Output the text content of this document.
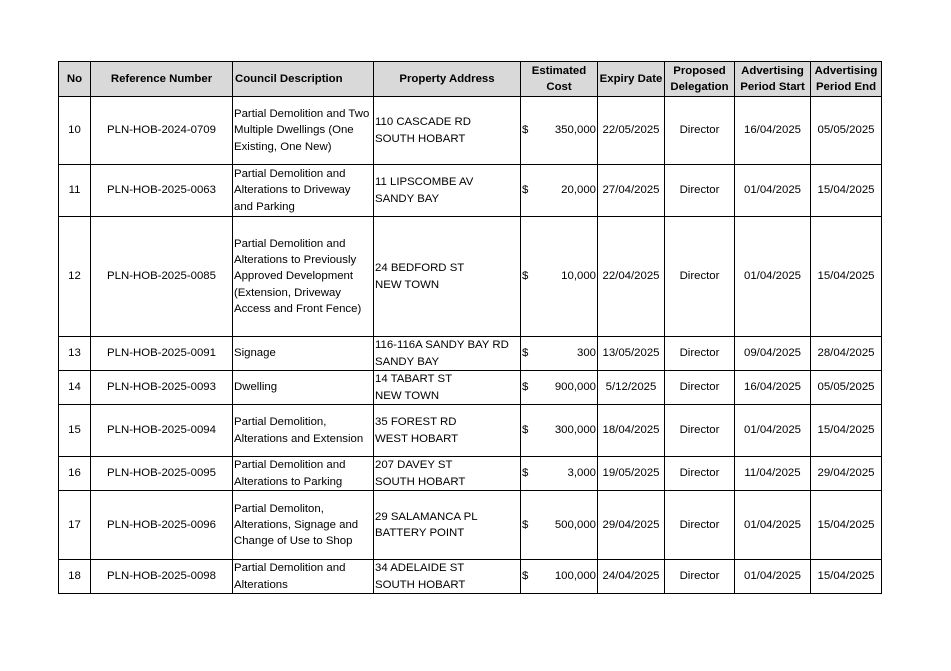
No	Reference Number	Council Description	Property Address	Estimated Cost	Expiry Date	Proposed Delegation	Advertising Period Start	Advertising Period End
10	PLN-HOB-2024-0709	Partial Demolition and Two Multiple Dwellings (One Existing, One New)	110 CASCADE RD
SOUTH HOBART	$ 350,000	22/05/2025	Director	16/04/2025	05/05/2025
11	PLN-HOB-2025-0063	Partial Demolition and Alterations to Driveway and Parking	11 LIPSCOMBE AV
SANDY BAY	$ 20,000	27/04/2025	Director	01/04/2025	15/04/2025
12	PLN-HOB-2025-0085	Partial Demolition and Alterations to Previously Approved Development (Extension, Driveway Access and Front Fence)	24 BEDFORD ST
NEW TOWN	$ 10,000	22/04/2025	Director	01/04/2025	15/04/2025
13	PLN-HOB-2025-0091	Signage	116-116A SANDY BAY RD
SANDY BAY	$ 300	13/05/2025	Director	09/04/2025	28/04/2025
14	PLN-HOB-2025-0093	Dwelling	14 TABART ST
NEW TOWN	$ 900,000	5/12/2025	Director	16/04/2025	05/05/2025
15	PLN-HOB-2025-0094	Partial Demolition, Alterations and Extension	35 FOREST RD
WEST HOBART	$ 300,000	18/04/2025	Director	01/04/2025	15/04/2025
16	PLN-HOB-2025-0095	Partial Demolition and Alterations to Parking	207 DAVEY ST
SOUTH HOBART	$ 3,000	19/05/2025	Director	11/04/2025	29/04/2025
17	PLN-HOB-2025-0096	Partial Demoliton, Alterations, Signage and Change of Use to Shop	29 SALAMANCA PL
BATTERY POINT	$ 500,000	29/04/2025	Director	01/04/2025	15/04/2025
18	PLN-HOB-2025-0098	Partial Demolition and Alterations	34 ADELAIDE ST
SOUTH HOBART	$ 100,000	24/04/2025	Director	01/04/2025	15/04/2025
